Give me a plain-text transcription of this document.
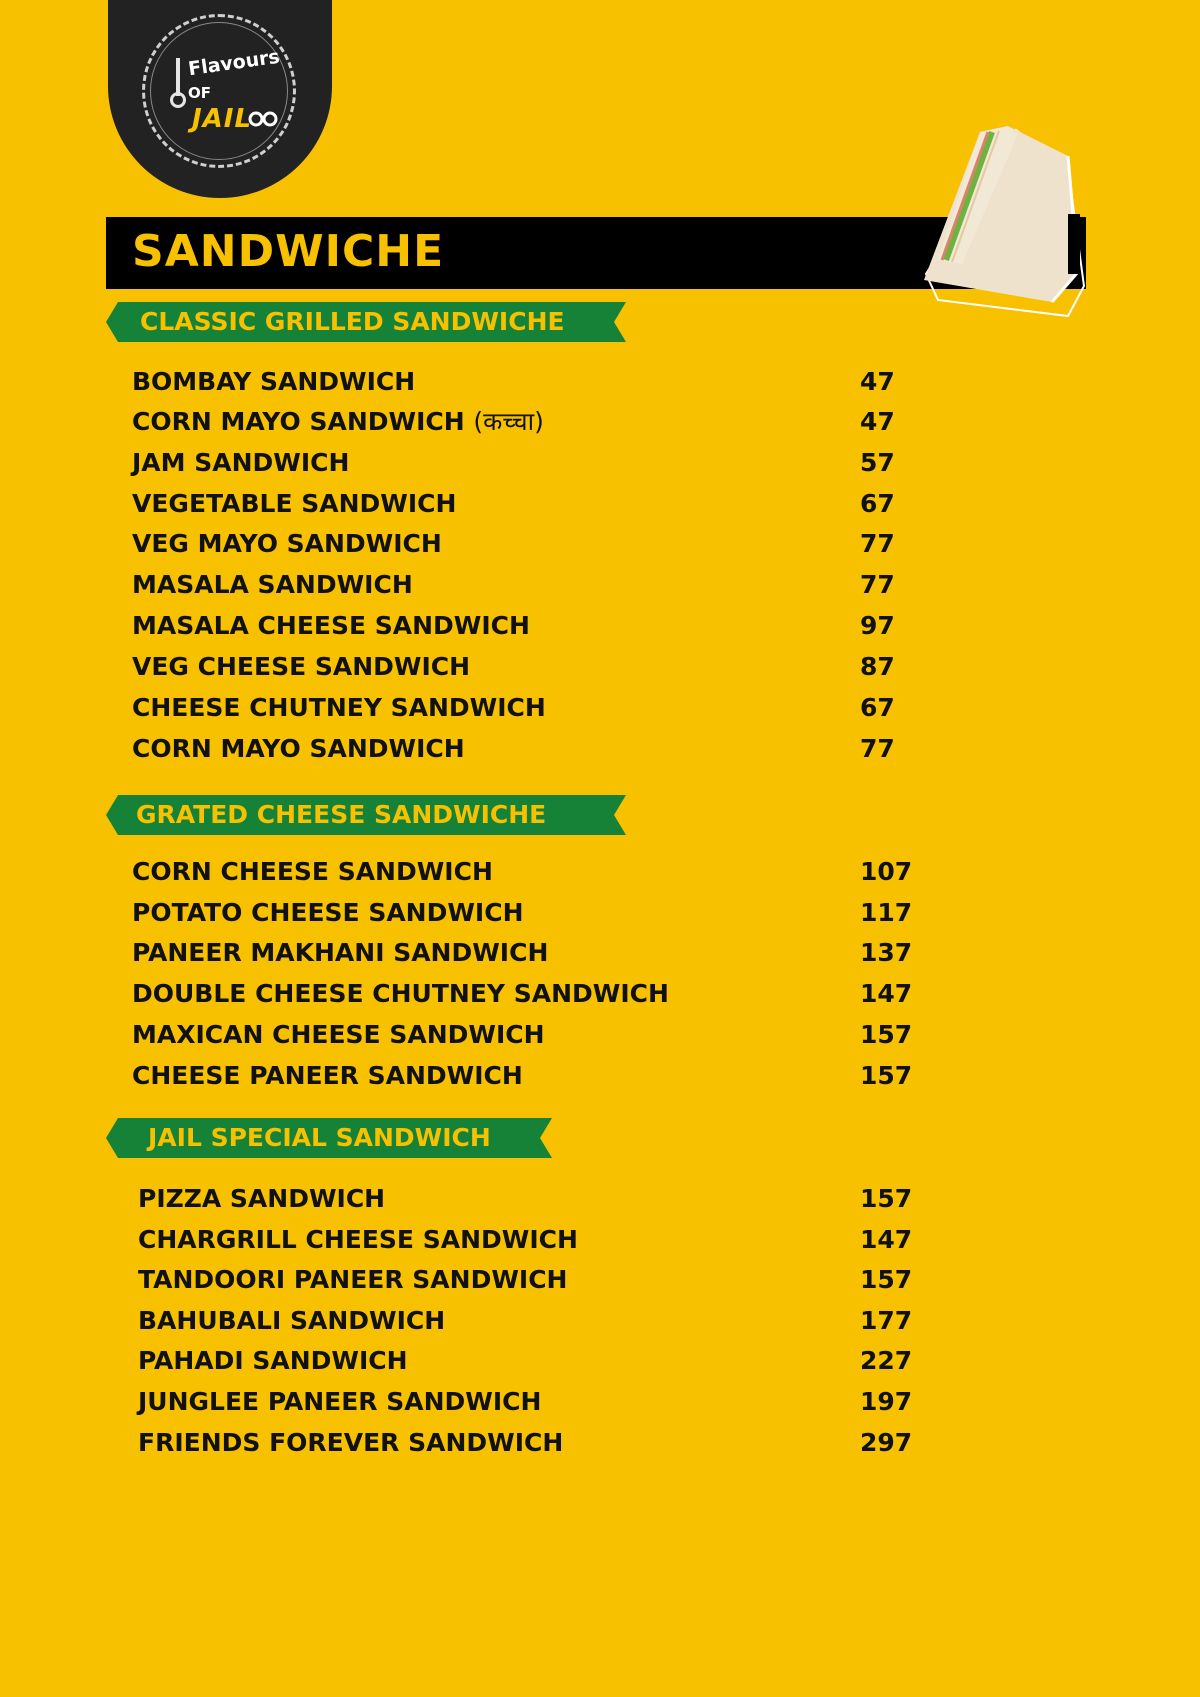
Flavours
OF
JAIL
SANDWICHE
CLASSIC GRILLED SANDWICHE
BOMBAY SANDWICH	47
CORN MAYO SANDWICH (कच्चा)	47
JAM SANDWICH	57
VEGETABLE SANDWICH	67
VEG MAYO SANDWICH	77
MASALA SANDWICH	77
MASALA CHEESE SANDWICH	97
VEG CHEESE SANDWICH	87
CHEESE CHUTNEY SANDWICH	67
CORN MAYO SANDWICH	77
GRATED CHEESE SANDWICHE
CORN CHEESE SANDWICH	107
POTATO CHEESE SANDWICH	117
PANEER MAKHANI SANDWICH	137
DOUBLE CHEESE CHUTNEY SANDWICH	147
MAXICAN CHEESE SANDWICH	157
CHEESE PANEER SANDWICH	157
JAIL SPECIAL SANDWICH
PIZZA SANDWICH	157
CHARGRILL CHEESE SANDWICH	147
TANDOORI PANEER SANDWICH	157
BAHUBALI SANDWICH	177
PAHADI SANDWICH	227
JUNGLEE PANEER SANDWICH	197
FRIENDS FOREVER SANDWICH	297
